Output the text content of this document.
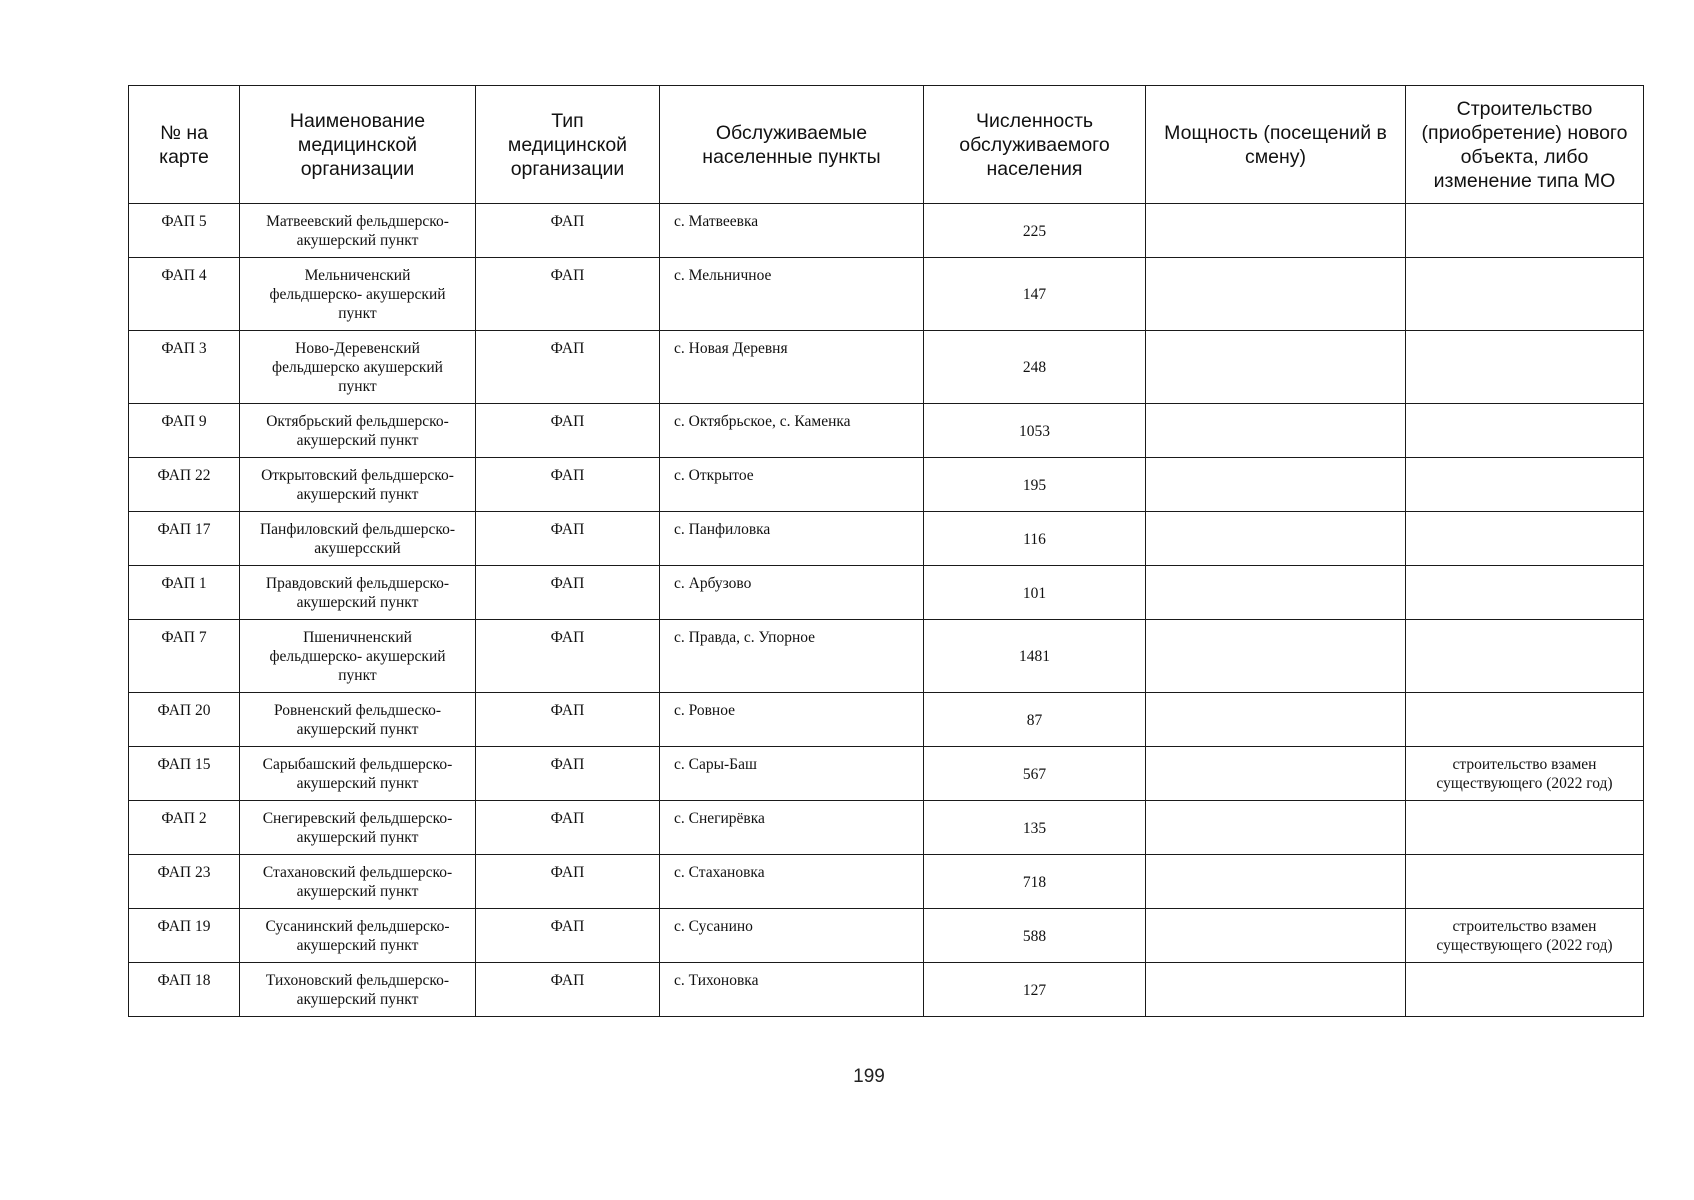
№ на
карте	Наименование
медицинской
организации	Тип
медицинской
организации	Обслуживаемые
населенные пункты	Численность
обслуживаемого
населения	Мощность (посещений в
смену)	Строительство
(приобретение) нового
объекта, либо
изменение типа МО
ФАП 5	Матвеевский фельдшерско-
акушерский пункт	ФАП	с. Матвеевка	225		
ФАП 4	Мельниченский
фельдшерско- акушерский
пункт	ФАП	с. Мельничное	147		
ФАП 3	Ново-Деревенский
фельдшерско акушерский
пункт	ФАП	с. Новая Деревня	248		
ФАП 9	Октябрьский фельдшерско-
акушерский пункт	ФАП	с. Октябрьское, с. Каменка	1053		
ФАП 22	Открытовский фельдшерско-
акушерский пункт	ФАП	с. Открытое	195		
ФАП 17	Панфиловский фельдшерско-
акушерсский	ФАП	с. Панфиловка	116		
ФАП 1	Правдовский фельдшерско-
акушерский пункт	ФАП	с. Арбузово	101		
ФАП 7	Пшеничненский
фельдшерско- акушерский
пункт	ФАП	с. Правда, с. Упорное	1481		
ФАП 20	Ровненский фельдшеско-
акушерский пункт	ФАП	с. Ровное	87		
ФАП 15	Сарыбашский фельдшерско-
акушерский пункт	ФАП	с. Сары-Баш	567		строительство взамен
существующего (2022 год)
ФАП 2	Снегиревский фельдшерско-
акушерский пункт	ФАП	с. Снегирёвка	135		
ФАП 23	Стахановский фельдшерско-
акушерский пункт	ФАП	с. Стахановка	718		
ФАП 19	Сусанинский фельдшерско-
акушерский пункт	ФАП	с. Сусанино	588		строительство взамен
существующего (2022 год)
ФАП 18	Тихоновский фельдшерско-
акушерский пункт	ФАП	с. Тихоновка	127		
199
